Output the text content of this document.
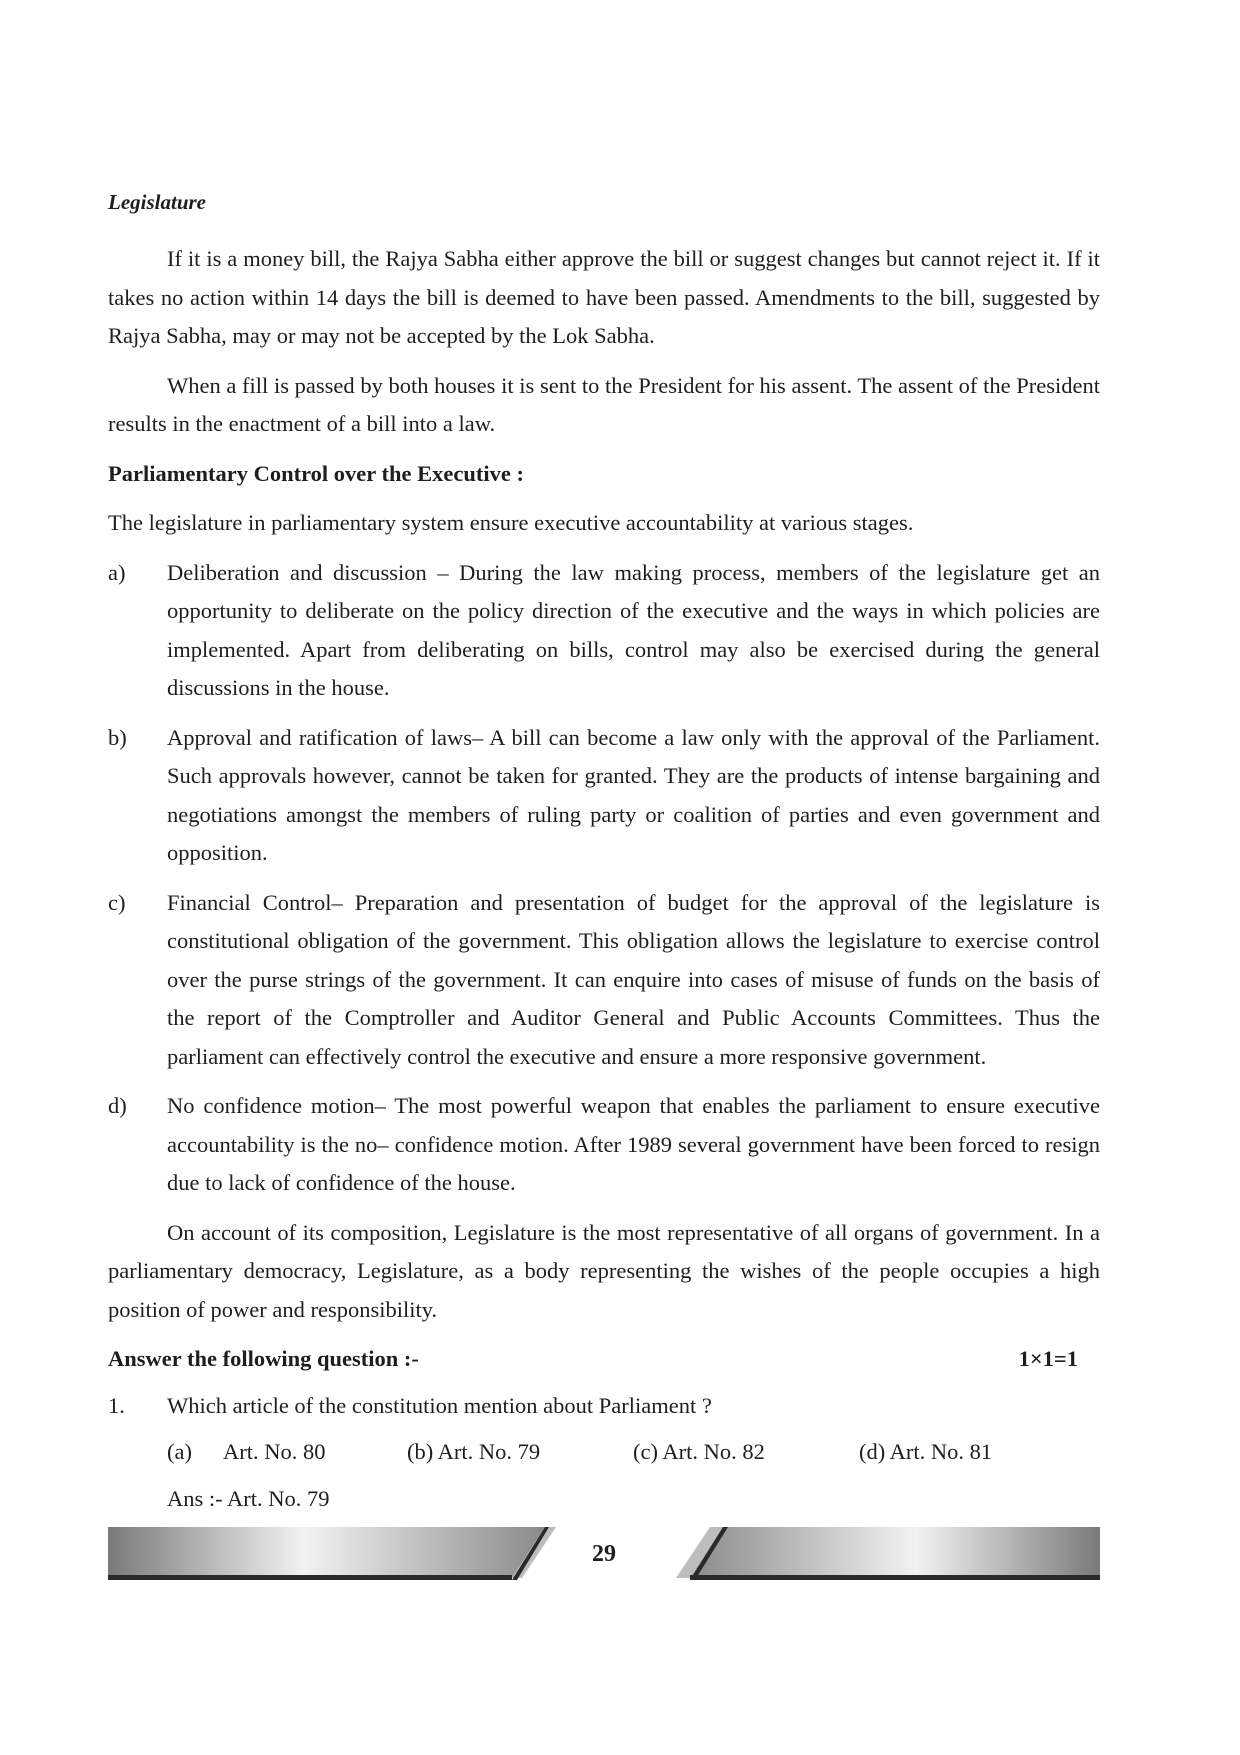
Legislature

If it is a money bill, the Rajya Sabha either approve the bill or suggest changes but cannot reject it. If it takes no action within 14 days the bill is deemed to have been passed. Amendments to the bill, suggested by Rajya Sabha, may or may not be accepted by the Lok Sabha.

When a fill is passed by both houses it is sent to the President for his assent. The assent of the President results in the enactment of a bill into a law.

Parliamentary Control over the Executive :

The legislature in parliamentary system ensure executive accountability at various stages.

a) Deliberation and discussion – During the law making process, members of the legislature get an opportunity to deliberate on the policy direction of the executive and the ways in which policies are implemented. Apart from deliberating on bills, control may also be exercised during the general discussions in the house.
b) Approval and ratification of laws– A bill can become a law only with the approval of the Parliament. Such approvals however, cannot be taken for granted. They are the products of intense bargaining and negotiations amongst the members of ruling party or coalition of parties and even government and opposition.
c) Financial Control– Preparation and presentation of budget for the approval of the legislature is constitutional obligation of the government. This obligation allows the legislature to exercise control over the purse strings of the government. It can enquire into cases of misuse of funds on the basis of the report of the Comptroller and Auditor General and Public Accounts Committees. Thus the parliament can effectively control the executive and ensure a more responsive government.
d) No confidence motion– The most powerful weapon that enables the parliament to ensure executive accountability is the no– confidence motion. After 1989 several government have been forced to resign due to lack of confidence of the house.

On account of its composition, Legislature is the most representative of all organs of government. In a parliamentary democracy, Legislature, as a body representing the wishes of the people occupies a high position of power and responsibility.

Answer the following question :-	1×1=1
1. Which article of the constitution mention about Parliament ?
(a) Art. No. 80	(b) Art. No. 79	(c) Art. No. 82	(d) Art. No. 81
Ans :- Art. No. 79
29
